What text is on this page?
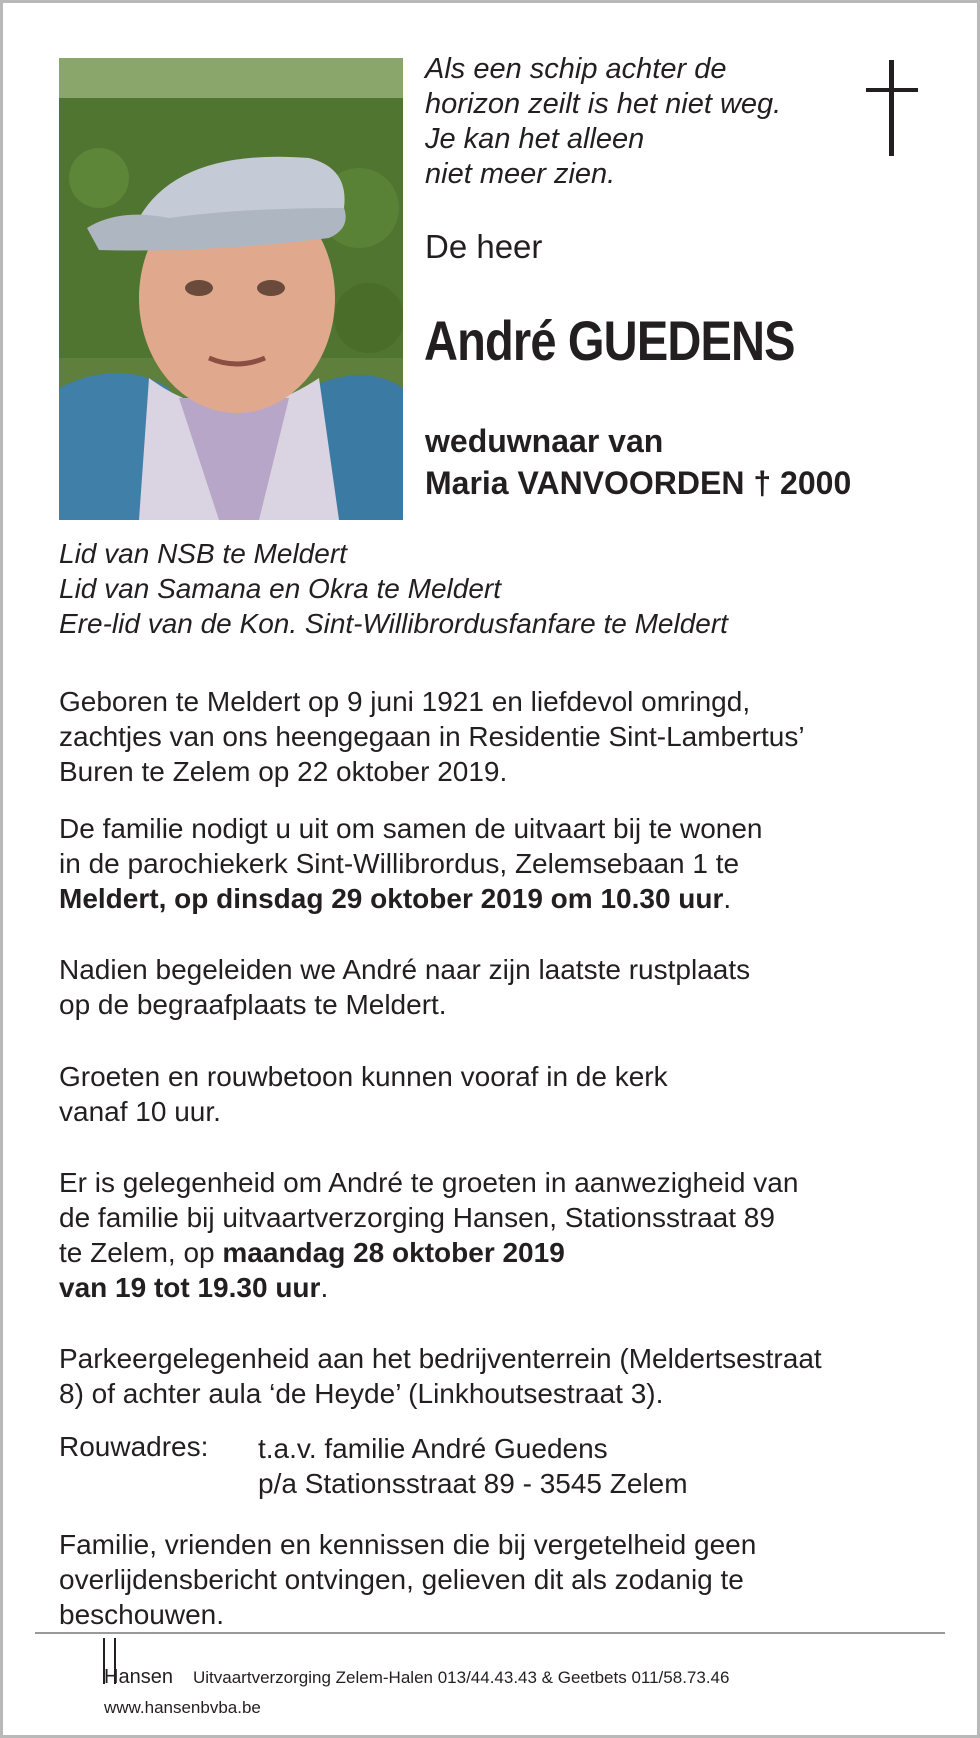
Als een schip achter de
horizon zeilt is het niet weg.
Je kan het alleen
niet meer zien.
De heer
André GUEDENS
weduwnaar van
Maria VANVOORDEN † 2000
Lid van NSB te Meldert
Lid van Samana en Okra te Meldert
Ere-lid van de Kon. Sint-Willibrordusfanfare te Meldert
Geboren te Meldert op 9 juni 1921 en liefdevol omringd,
zachtjes van ons heengegaan in Residentie Sint-Lambertus’
Buren te Zelem op 22 oktober 2019.
De familie nodigt u uit om samen de uitvaart bij te wonen
in de parochiekerk Sint-Willibrordus, Zelemsebaan 1 te
Meldert, op dinsdag 29 oktober 2019 om 10.30 uur.
Nadien begeleiden we André naar zijn laatste rustplaats
op de begraafplaats te Meldert.
Groeten en rouwbetoon kunnen vooraf in de kerk
vanaf 10 uur.
Er is gelegenheid om André te groeten in aanwezigheid van
de familie bij uitvaartverzorging Hansen, Stationsstraat 89
te Zelem, op maandag 28 oktober 2019
van 19 tot 19.30 uur.
Parkeergelegenheid aan het bedrijventerrein (Meldertsestraat
8) of achter aula ‘de Heyde’ (Linkhoutsestraat 3).
Rouwadres: t.a.v. familie André Guedens
p/a Stationsstraat 89 - 3545 Zelem
Familie, vrienden en kennissen die bij vergetelheid geen
overlijdensbericht ontvingen, gelieven dit als zodanig te
beschouwen.
Hansen Uitvaartverzorging Zelem-Halen 013/44.43.43 & Geetbets 011/58.73.46
www.hansenbvba.be
